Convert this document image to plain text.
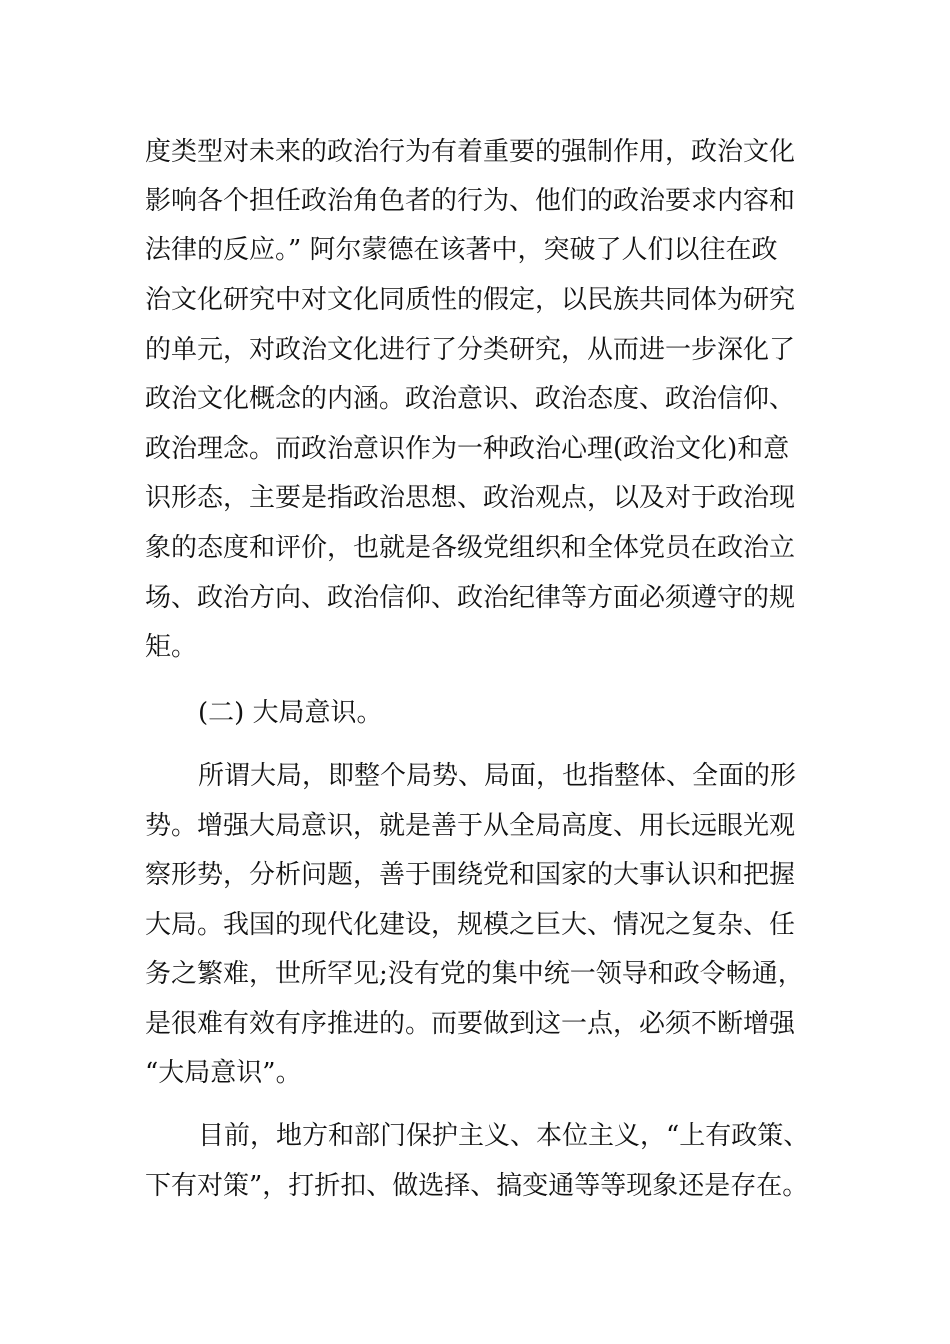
度类型对未来的政治行为有着重要的强制作用，政治文化

影响各个担任政治角色者的行为、他们的政治要求内容和

法律的反应。” 阿尔蒙德在该著中，突破了人们以往在政

治文化研究中对文化同质性的假定，以民族共同体为研究

的单元，对政治文化进行了分类研究，从而进一步深化了

政治文化概念的内涵。政治意识、政治态度、政治信仰、

政治理念。而政治意识作为一种政治心理(政治文化)和意

识形态，主要是指政治思想、政治观点，以及对于政治现

象的态度和评价，也就是各级党组织和全体党员在政治立

场、政治方向、政治信仰、政治纪律等方面必须遵守的规

矩。

(二) 大局意识。

所谓大局，即整个局势、局面，也指整体、全面的形

势。增强大局意识，就是善于从全局高度、用长远眼光观

察形势，分析问题，善于围绕党和国家的大事认识和把握

大局。我国的现代化建设，规模之巨大、情况之复杂、任

务之繁难，世所罕见;没有党的集中统一领导和政令畅通，

是很难有效有序推进的。而要做到这一点，必须不断增强

“大局意识”。

目前，地方和部门保护主义、本位主义，“上有政策、

下有对策”，打折扣、做选择、搞变通等等现象还是存在。
